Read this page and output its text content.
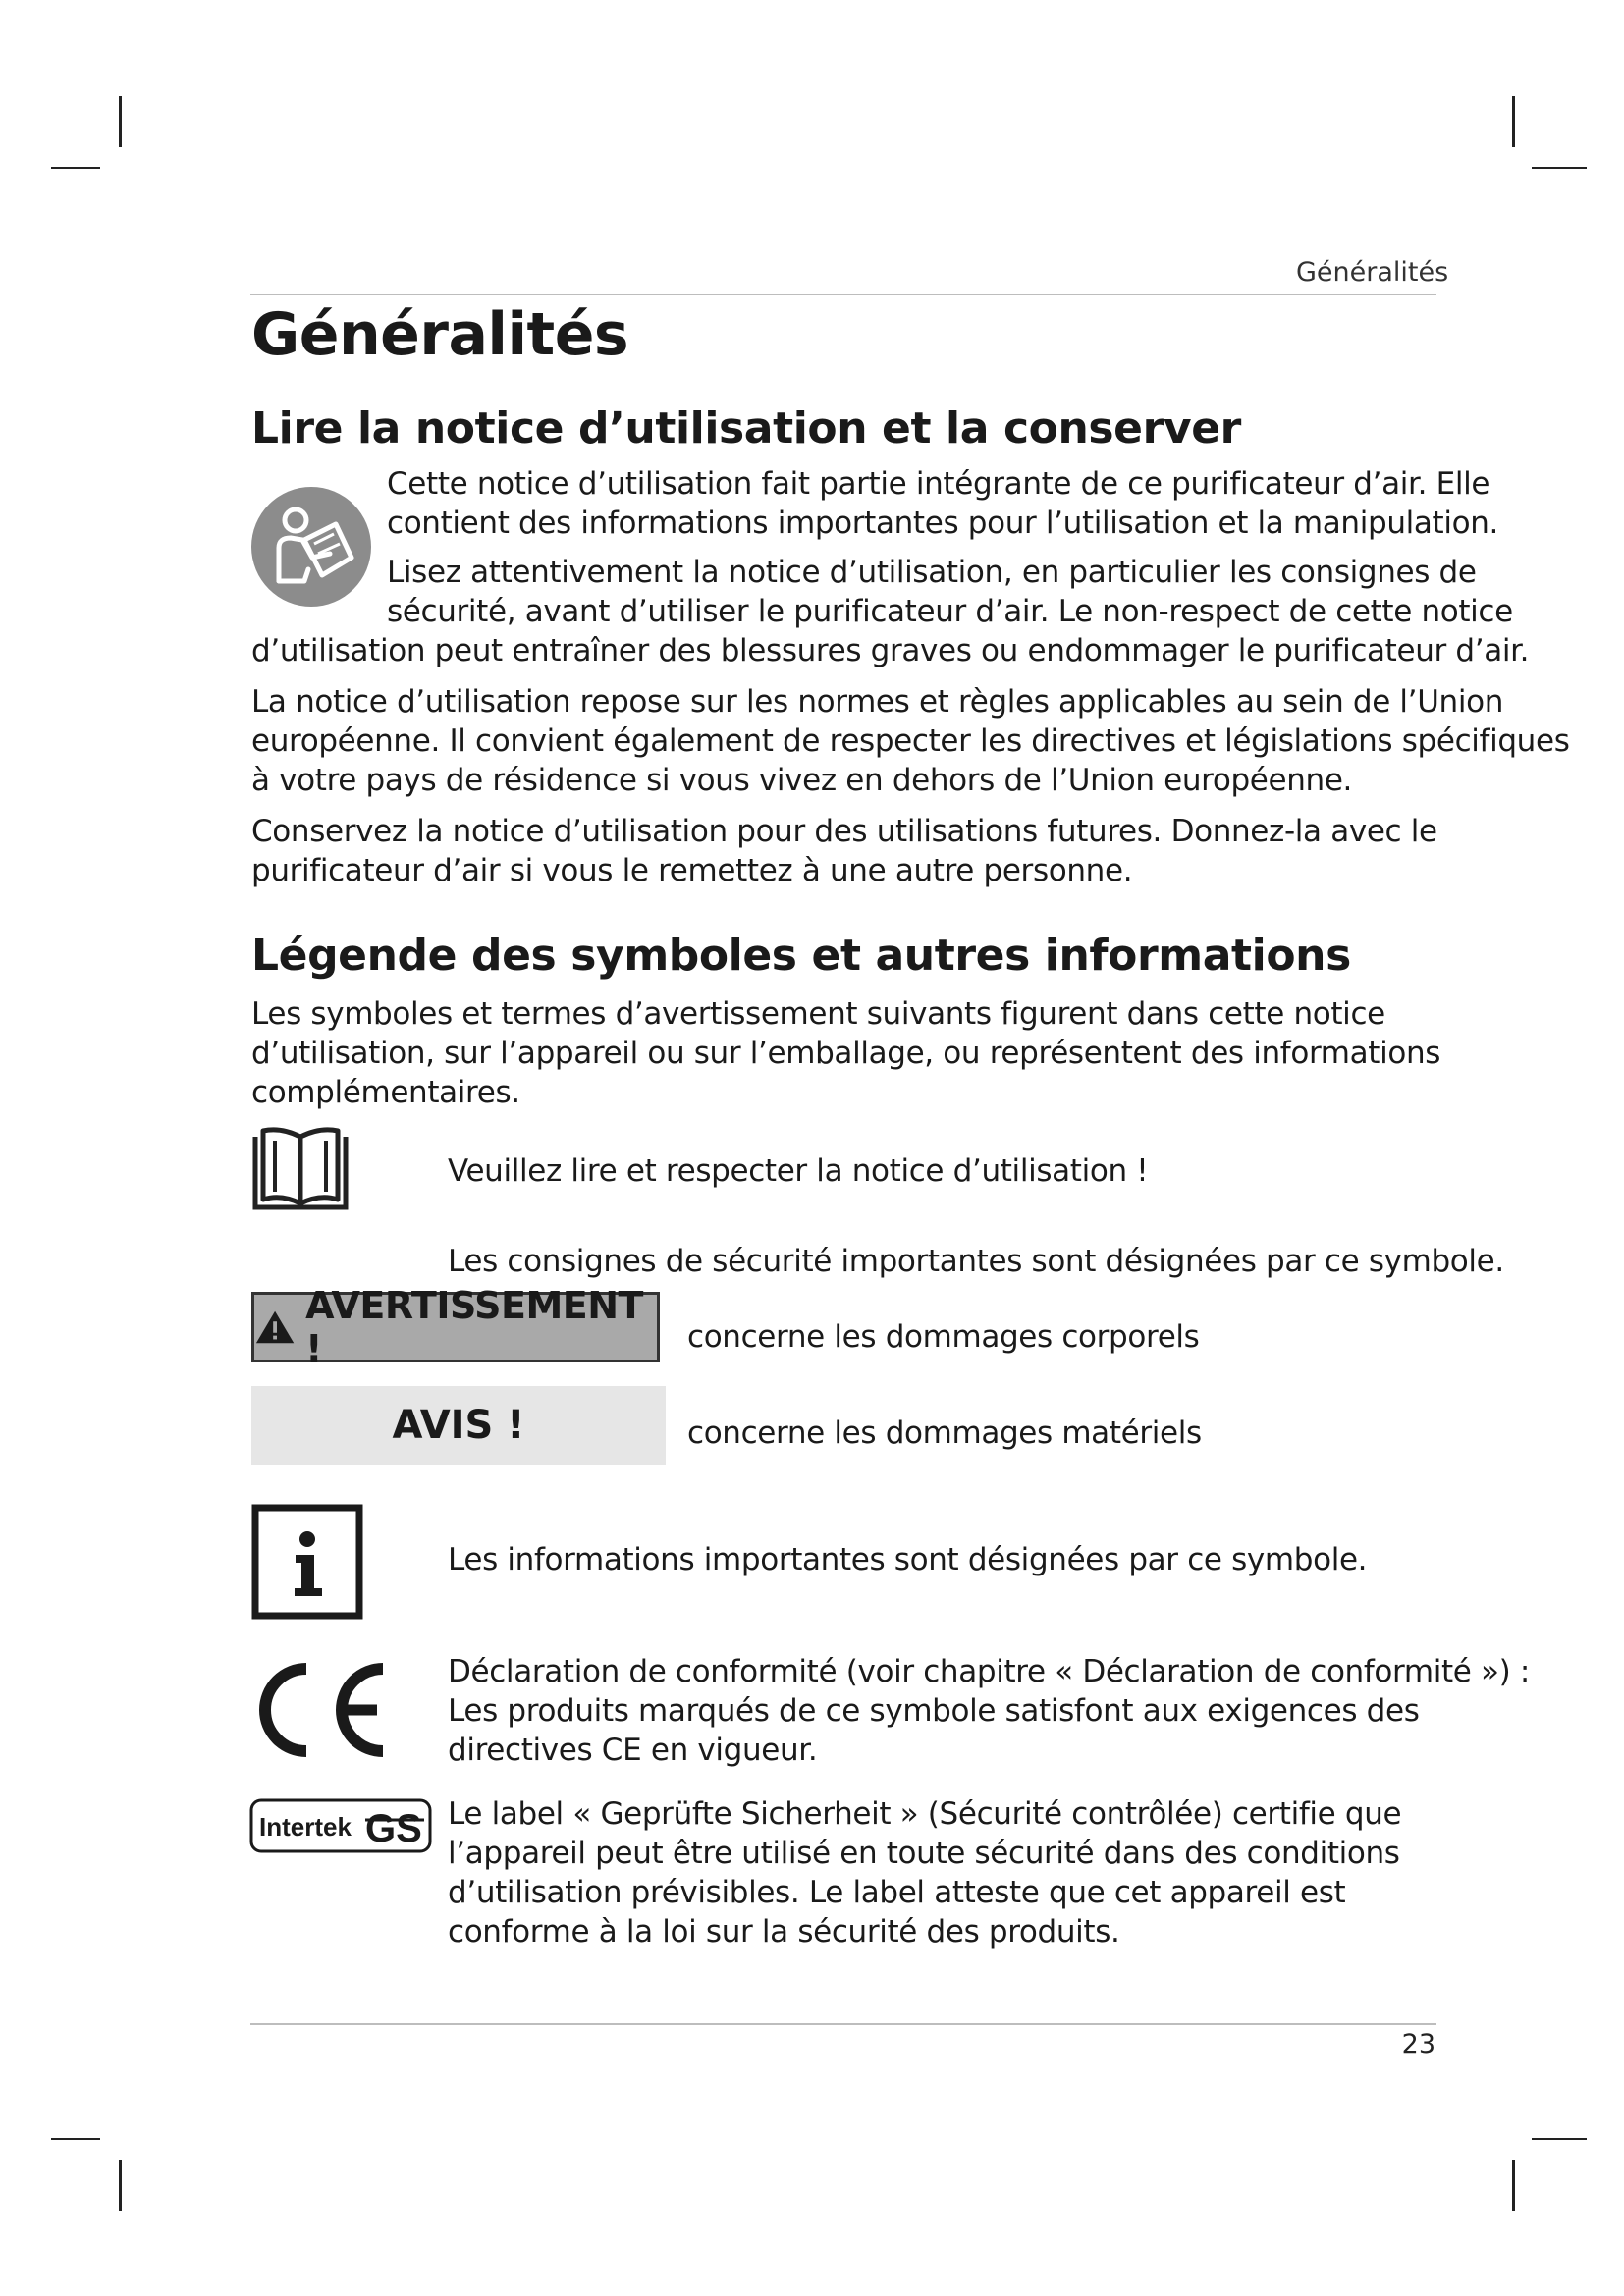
Généralités
Généralités
Lire la notice d’utilisation et la conserver

Cette notice d’utilisation fait partie intégrante de ce purificateur d’air. Elle
contient des informations importantes pour l’utilisation et la manipulation.

Lisez attentivement la notice d’utilisation, en particulier les consignes de
sécurité, avant d’utiliser le purificateur d’air. Le non-respect de cette notice

d’utilisation peut entraîner des blessures graves ou endommager le purificateur d’air.

La notice d’utilisation repose sur les normes et règles applicables au sein de l’Union
européenne. Il convient également de respecter les directives et législations spécifiques
à votre pays de résidence si vous vivez en dehors de l’Union européenne.

Conservez la notice d’utilisation pour des utilisations futures. Donnez-la avec le
purificateur d’air si vous le remettez à une autre personne.

Légende des symboles et autres informations

Les symboles et termes d’avertissement suivants figurent dans cette notice
d’utilisation, sur l’appareil ou sur l’emballage, ou représentent des informations
complémentaires.

Veuillez lire et respecter la notice d’utilisation !

Les consignes de sécurité importantes sont désignées par ce symbole.

AVERTISSEMENT !	concerne les dommages corporels

AVIS !	concerne les dommages matériels

Les informations importantes sont désignées par ce symbole.

Déclaration de conformité (voir chapitre « Déclaration de conformité ») :
Les produits marqués de ce symbole satisfont aux exigences des
directives CE en vigueur.

Intertek GS Le label « Geprüfte Sicherheit » (Sécurité contrôlée) certifie que
l’appareil peut être utilisé en toute sécurité dans des conditions
d’utilisation prévisibles. Le label atteste que cet appareil est
conforme à la loi sur la sécurité des produits.

23
